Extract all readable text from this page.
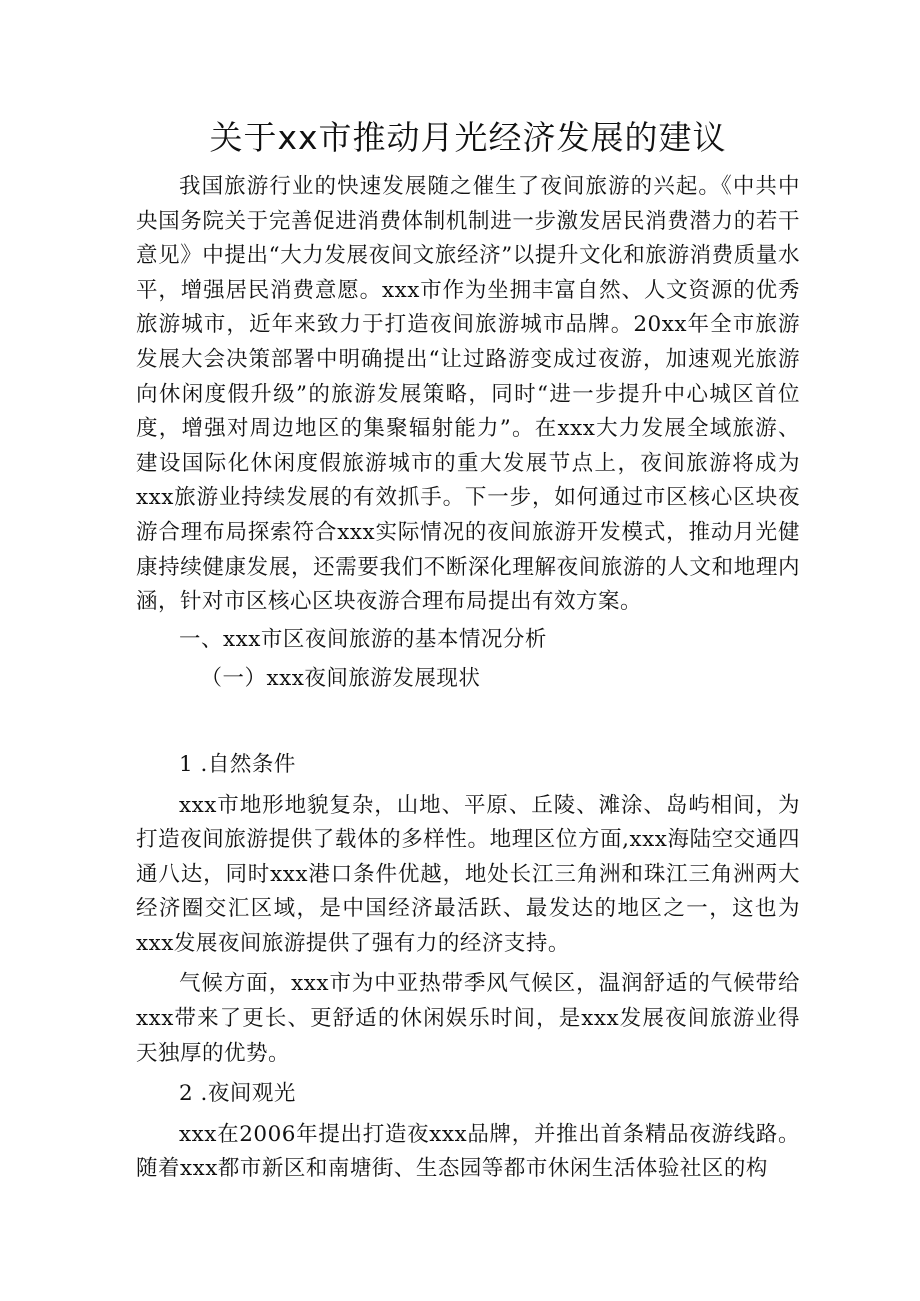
关于xx市推动月光经济发展的建议

我国旅游行业的快速发展随之催生了夜间旅游的兴起。《中共中央国务院关于完善促进消费体制机制进一步激发居民消费潜力的若干意见》中提出“大力发展夜间文旅经济”以提升文化和旅游消费质量水平，增强居民消费意愿。xxx市作为坐拥丰富自然、人文资源的优秀旅游城市，近年来致力于打造夜间旅游城市品牌。20xx年全市旅游发展大会决策部署中明确提出“让过路游变成过夜游，加速观光旅游向休闲度假升级”的旅游发展策略，同时“进一步提升中心城区首位度，增强对周边地区的集聚辐射能力”。在xxx大力发展全域旅游、建设国际化休闲度假旅游城市的重大发展节点上，夜间旅游将成为xxx旅游业持续发展的有效抓手。下一步，如何通过市区核心区块夜游合理布局探索符合xxx实际情况的夜间旅游开发模式，推动月光健康持续健康发展，还需要我们不断深化理解夜间旅游的人文和地理内涵，针对市区核心区块夜游合理布局提出有效方案。

一、xxx市区夜间旅游的基本情况分析

（一）xxx夜间旅游发展现状

1 .自然条件

xxx市地形地貌复杂，山地、平原、丘陵、滩涂、岛屿相间，为打造夜间旅游提供了载体的多样性。地理区位方面,xxx海陆空交通四通八达，同时xxx港口条件优越，地处长江三角洲和珠江三角洲两大经济圈交汇区域，是中国经济最活跃、最发达的地区之一，这也为xxx发展夜间旅游提供了强有力的经济支持。

气候方面，xxx市为中亚热带季风气候区，温润舒适的气候带给xxx带来了更长、更舒适的休闲娱乐时间，是xxx发展夜间旅游业得天独厚的优势。

2 .夜间观光

xxx在2006年提出打造夜xxx品牌，并推出首条精品夜游线路。随着xxx都市新区和南塘街、生态园等都市休闲生活体验社区的构
